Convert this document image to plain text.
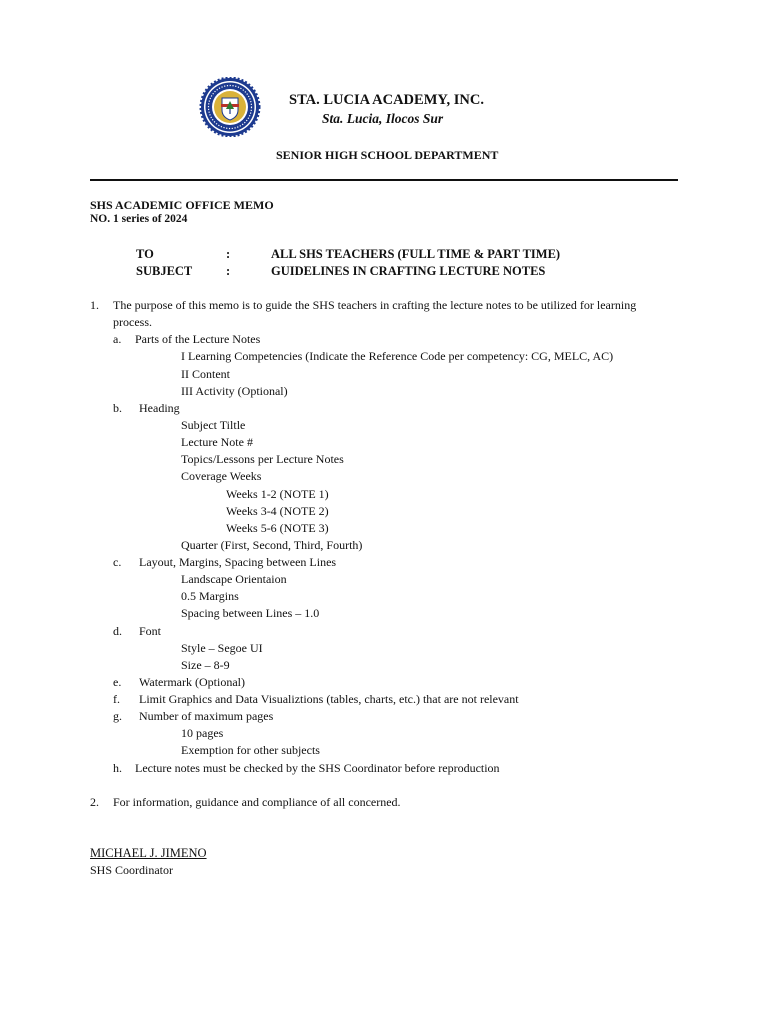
STA. LUCIA ACADEMY, INC.
Sta. Lucia, Ilocos Sur
SENIOR HIGH SCHOOL DEPARTMENT
SHS ACADEMIC OFFICE MEMO
NO. 1 series of 2024
TO	:	ALL SHS TEACHERS (FULL TIME & PART TIME)
SUBJECT	:	GUIDELINES IN CRAFTING LECTURE NOTES
1. The purpose of this memo is to guide the SHS teachers in crafting the lecture notes to be utilized for learning
process.
a. Parts of the Lecture Notes
I Learning Competencies (Indicate the Reference Code per competency: CG, MELC, AC)
II Content
III Activity (Optional)
b. Heading
Subject Tiltle
Lecture Note #
Topics/Lessons per Lecture Notes
Coverage Weeks
Weeks 1-2 (NOTE 1)
Weeks 3-4 (NOTE 2)
Weeks 5-6 (NOTE 3)
Quarter (First, Second, Third, Fourth)
c. Layout, Margins, Spacing between Lines
Landscape Orientaion
0.5 Margins
Spacing between Lines – 1.0
d. Font
Style – Segoe UI
Size – 8-9
e. Watermark (Optional)
f. Limit Graphics and Data Visualiztions (tables, charts, etc.) that are not relevant
g. Number of maximum pages
10 pages
Exemption for other subjects
h. Lecture notes must be checked by the SHS Coordinator before reproduction
2. For information, guidance and compliance of all concerned.
MICHAEL J. JIMENO
SHS Coordinator
